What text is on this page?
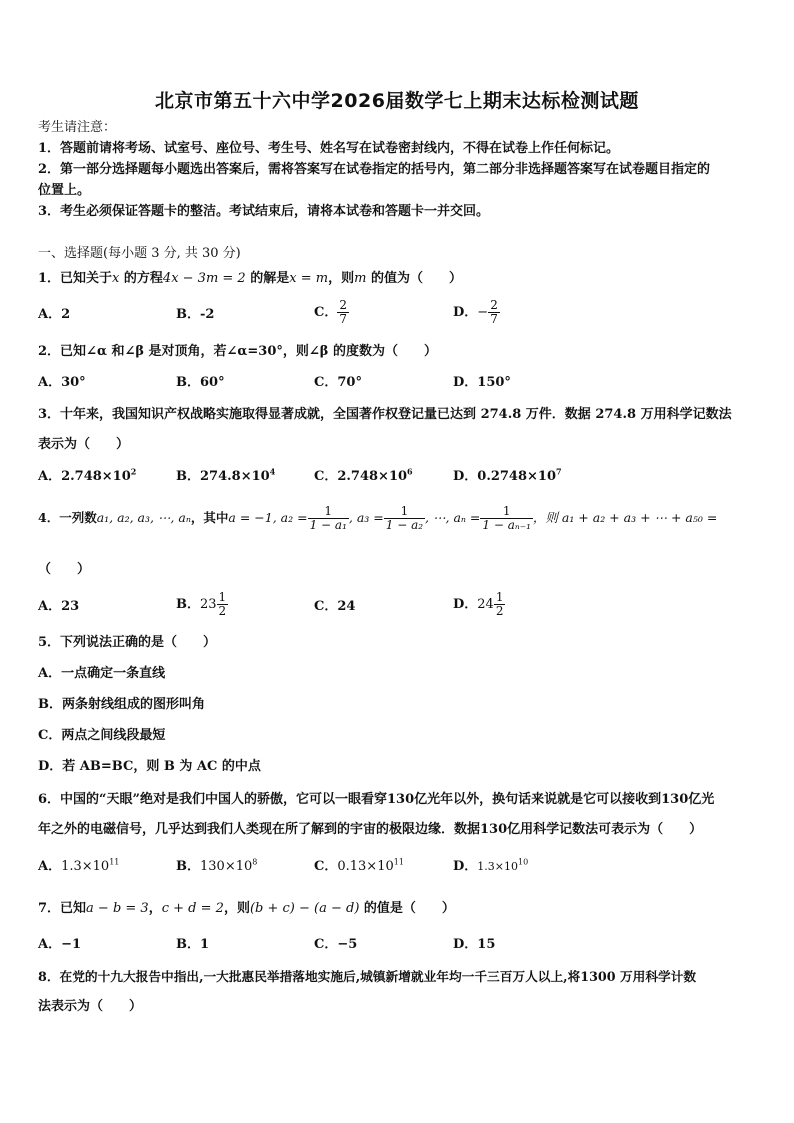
北京市第五十六中学2026届数学七上期末达标检测试题
考生请注意：
1．答题前请将考场、试室号、座位号、考生号、姓名写在试卷密封线内，不得在试卷上作任何标记。
2．第一部分选择题每小题选出答案后，需将答案写在试卷指定的括号内，第二部分非选择题答案写在试卷题目指定的
位置上。
3．考生必须保证答题卡的整洁。考试结束后，请将本试卷和答题卡一并交回。
一、选择题(每小题 3 分, 共 30 分)
1．已知关于x 的方程4x − 3m = 2 的解是x = m，则m 的值为（　　）
A．2	B．-2	C． $\frac{2}{7}$	D．− $\frac{2}{7}$
2．已知∠α 和∠β 是对顶角，若∠α=30°，则∠β 的度数为（　　）
A．30°	B．60°	C．70°	D．150°
3．十年来，我国知识产权战略实施取得显著成就，全国著作权登记量已达到 274.8 万件．数据 274.8 万用科学记数法
表示为（　　）
A．$2.748\times 10^2$	B．$274.8\times 10^4$	C．$2.748\times 10^6$	D．$0.2748\times 10^7$
4．一列数a₁, a₂, a₃, ⋯, aₙ，其中a = −1, $a_2 = \frac{1}{\text{1 − a₁}}$ , $a_3 = \frac{1}{\text{1 − a₂}}$ , ⋯, $a_n = \frac{1}{\text{1 − aₙ₋₁}}$ ，则 a₁ + a₂ + a₃ + ⋯ + a₅₀ =
（　　）
A．23	B．$23 \frac{1}{2}$	C．24	D．$24 \frac{1}{2}$
5．下列说法正确的是（　　）
A．一点确定一条直线
B．两条射线组成的图形叫角
C．两点之间线段最短
D．若 AB=BC，则 B 为 AC 的中点
6．中国的“天眼”绝对是我们中国人的骄傲，它可以一眼看穿130亿光年以外，换句话来说就是它可以接收到130亿光
年之外的电磁信号，几乎达到我们人类现在所了解到的宇宙的极限边缘．数据130亿用科学记数法可表示为（　　）
A．$1.3\times 10^{11}$	B．$130\times 10^8$	C．$0.13\times 10^{11}$	D．$1.3\times 10^{10}$
7．已知a − b = 3，c + d = 2，则(b + c) − (a − d) 的值是（　　）
A．−1	B．1	C．−5	D．15
8．在党的十九大报告中指出,一大批惠民举措落地实施后,城镇新增就业年均一千三百万人以上,将1300 万用科学计数
法表示为（　　）
